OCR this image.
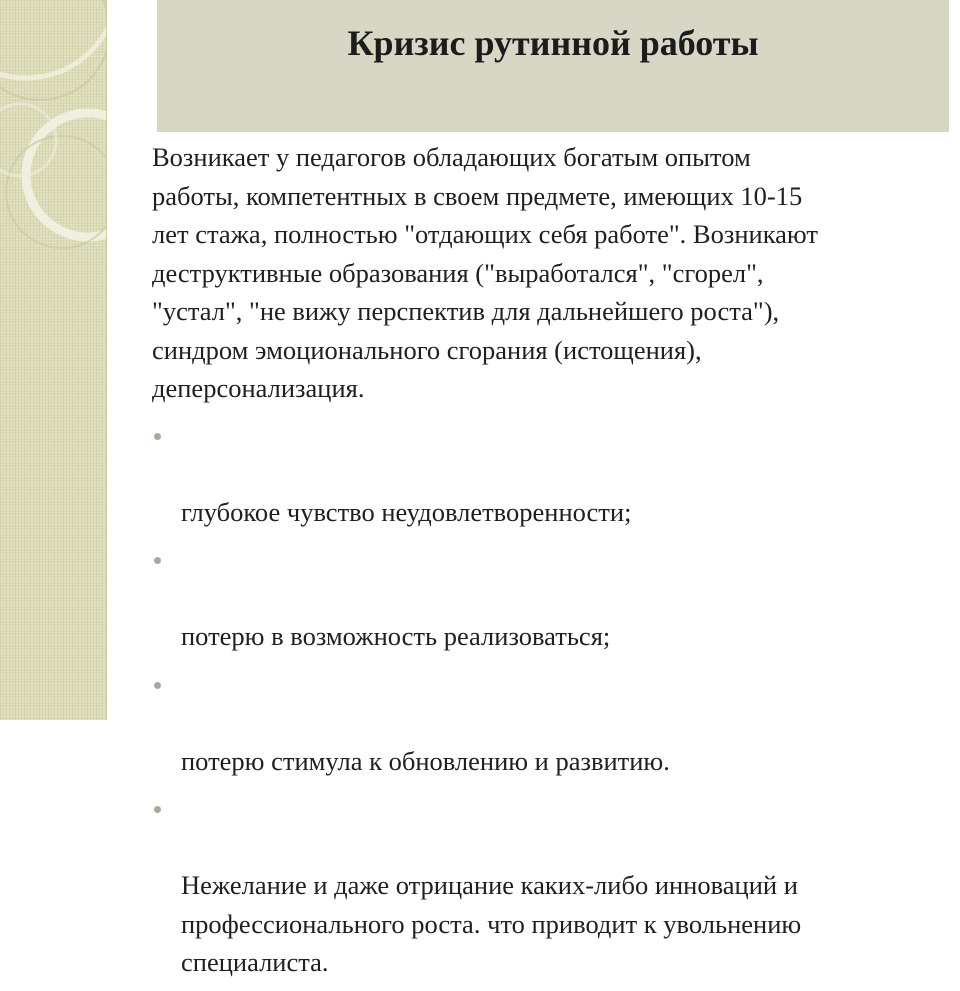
Кризис рутинной работы

Возникает у педагогов обладающих богатым опытом
работы, компетентных в своем предмете, имеющих 10-15
лет стажа, полностью "отдающих себя работе". Возникают
деструктивные образования ("выработался", "сгорел",
"устал", "не вижу перспектив для дальнейшего роста"),
синдром эмоционального сгорания (истощения),
деперсонализация.

глубокое чувство неудовлетворенности;

потерю в возможность реализоваться;

потерю стимула к обновлению и развитию.

Нежелание и даже отрицание каких-либо инноваций и
профессионального роста. что приводит к увольнению
специалиста.
